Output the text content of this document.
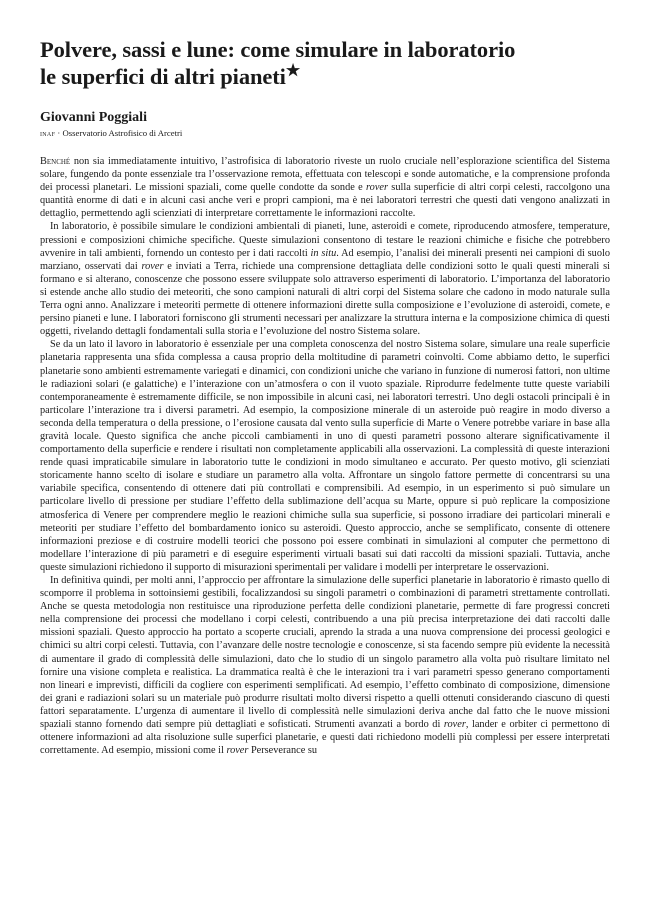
Polvere, sassi e lune: come simulare in laboratorio
le superfici di altri pianeti★
Giovanni Poggiali
inaf · Osservatorio Astrofisico di Arcetri

Benché non sia immediatamente intuitivo, l’astrofisica di laboratorio riveste un ruolo cruciale nell’esplorazione scientifica del Sistema solare, fungendo da ponte essenziale tra l’osservazione remota, effettuata con telescopi e sonde automatiche, e la comprensione profonda dei processi planetari. Le missioni spaziali, come quelle condotte da sonde e rover sulla superficie di altri corpi celesti, raccolgono una quantità enorme di dati e in alcuni casi anche veri e propri campioni, ma è nei laboratori terrestri che questi dati vengono analizzati in dettaglio, permettendo agli scienziati di interpretare correttamente le informazioni raccolte.

In laboratorio, è possibile simulare le condizioni ambientali di pianeti, lune, asteroidi e comete, riproducendo atmosfere, temperature, pressioni e composizioni chimiche specifiche. Queste simulazioni consentono di testare le reazioni chimiche e fisiche che potrebbero avvenire in tali ambienti, fornendo un contesto per i dati raccolti in situ. Ad esempio, l’analisi dei minerali presenti nei campioni di suolo marziano, osservati dai rover e inviati a Terra, richiede una comprensione dettagliata delle condizioni sotto le quali questi minerali si formano e si alterano, conoscenze che possono essere sviluppate solo attraverso esperimenti di laboratorio. L’importanza del laboratorio si estende anche allo studio dei meteoriti, che sono campioni naturali di altri corpi del Sistema solare che cadono in modo naturale sulla Terra ogni anno. Analizzare i meteoriti permette di ottenere informazioni dirette sulla composizione e l’evoluzione di asteroidi, comete, e persino pianeti e lune. I laboratori forniscono gli strumenti necessari per analizzare la struttura interna e la composizione chimica di questi oggetti, rivelando dettagli fondamentali sulla storia e l’evoluzione del nostro Sistema solare.

Se da un lato il lavoro in laboratorio è essenziale per una completa conoscenza del nostro Sistema solare, simulare una reale superficie planetaria rappresenta una sfida complessa a causa proprio della moltitudine di parametri coinvolti. Come abbiamo detto, le superfici planetarie sono ambienti estremamente variegati e dinamici, con condizioni uniche che variano in funzione di numerosi fattori, non ultime le radiazioni solari (e galattiche) e l’interazione con un’atmosfera o con il vuoto spaziale. Riprodurre fedelmente tutte queste variabili contemporaneamente è estremamente difficile, se non impossibile in alcuni casi, nei laboratori terrestri. Uno degli ostacoli principali è in particolare l’interazione tra i diversi parametri. Ad esempio, la composizione minerale di un asteroide può reagire in modo diverso a seconda della temperatura o della pressione, o l’erosione causata dal vento sulla superficie di Marte o Venere potrebbe variare in base alla gravità locale. Questo significa che anche piccoli cambiamenti in uno di questi parametri possono alterare significativamente il comportamento della superficie e rendere i risultati non completamente applicabili alla osservazioni. La complessità di queste interazioni rende quasi impraticabile simulare in laboratorio tutte le condizioni in modo simultaneo e accurato. Per questo motivo, gli scienziati storicamente hanno scelto di isolare e studiare un parametro alla volta. Affrontare un singolo fattore permette di concentrarsi su una variabile specifica, consentendo di ottenere dati più controllati e comprensibili. Ad esempio, in un esperimento si può simulare un particolare livello di pressione per studiare l’effetto della sublimazione dell’acqua su Marte, oppure si può replicare la composizione atmosferica di Venere per comprendere meglio le reazioni chimiche sulla sua superficie, si possono irradiare dei particolari minerali e meteoriti per studiare l’effetto del bombardamento ionico su asteroidi. Questo approccio, anche se semplificato, consente di ottenere informazioni preziose e di costruire modelli teorici che possono poi essere combinati in simulazioni al computer che permettono di modellare l’interazione di più parametri e di eseguire esperimenti virtuali basati sui dati raccolti da missioni spaziali. Tuttavia, anche queste simulazioni richiedono il supporto di misurazioni sperimentali per validare i modelli per interpretare le osservazioni.

In definitiva quindi, per molti anni, l’approccio per affrontare la simulazione delle superfici planetarie in laboratorio è rimasto quello di scomporre il problema in sottoinsiemi gestibili, focalizzandosi su singoli parametri o combinazioni di parametri strettamente controllati. Anche se questa metodologia non restituisce una riproduzione perfetta delle condizioni planetarie, permette di fare progressi concreti nella comprensione dei processi che modellano i corpi celesti, contribuendo a una più precisa interpretazione dei dati raccolti dalle missioni spaziali. Questo approccio ha portato a scoperte cruciali, aprendo la strada a una nuova comprensione dei processi geologici e chimici su altri corpi celesti. Tuttavia, con l’avanzare delle nostre tecnologie e conoscenze, si sta facendo sempre più evidente la necessità di aumentare il grado di complessità delle simulazioni, dato che lo studio di un singolo parametro alla volta può risultare limitato nel fornire una visione completa e realistica. La drammatica realtà è che le interazioni tra i vari parametri spesso generano comportamenti non lineari e imprevisti, difficili da cogliere con esperimenti semplificati. Ad esempio, l’effetto combinato di composizione, dimensione dei grani e radiazioni solari su un materiale può produrre risultati molto diversi rispetto a quelli ottenuti considerando ciascuno di questi fattori separatamente. L’urgenza di aumentare il livello di complessità nelle simulazioni deriva anche dal fatto che le nuove missioni spaziali stanno fornendo dati sempre più dettagliati e sofisticati. Strumenti avanzati a bordo di rover, lander e orbiter ci permettono di ottenere informazioni ad alta risoluzione sulle superfici planetarie, e questi dati richiedono modelli più complessi per essere interpretati correttamente. Ad esempio, missioni come il rover Perseverance su
